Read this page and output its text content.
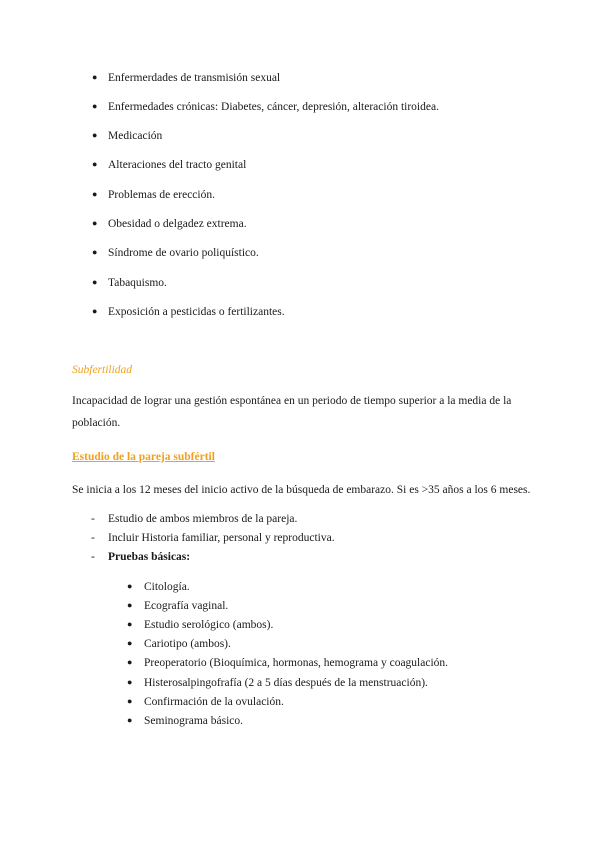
● Enfermerdades de transmisión sexual
● Enfermedades crónicas: Diabetes, cáncer, depresión, alteración tiroidea.
● Medicación
● Alteraciones del tracto genital
● Problemas de erección.
● Obesidad o delgadez extrema.
● Síndrome de ovario poliquístico.
● Tabaquismo.
● Exposición a pesticidas o fertilizantes.
Subfertilidad
Incapacidad de lograr una gestión espontánea en un periodo de tiempo superior a la media de la población.
Estudio de la pareja subfértil
Se inicia a los 12 meses del inicio activo de la búsqueda de embarazo. Si es >35 años a los 6 meses.
-	Estudio de ambos miembros de la pareja.
-	Incluir Historia familiar, personal y reproductiva.
-	Pruebas básicas:
●	Citología.
●	Ecografía vaginal.
●	Estudio serológico (ambos).
●	Cariotipo (ambos).
●	Preoperatorio (Bioquímica, hormonas, hemograma y coagulación.
●	Histerosalpingofrafía (2 a 5 días después de la menstruación).
●	Confirmación de la ovulación.
●	Seminograma básico.
